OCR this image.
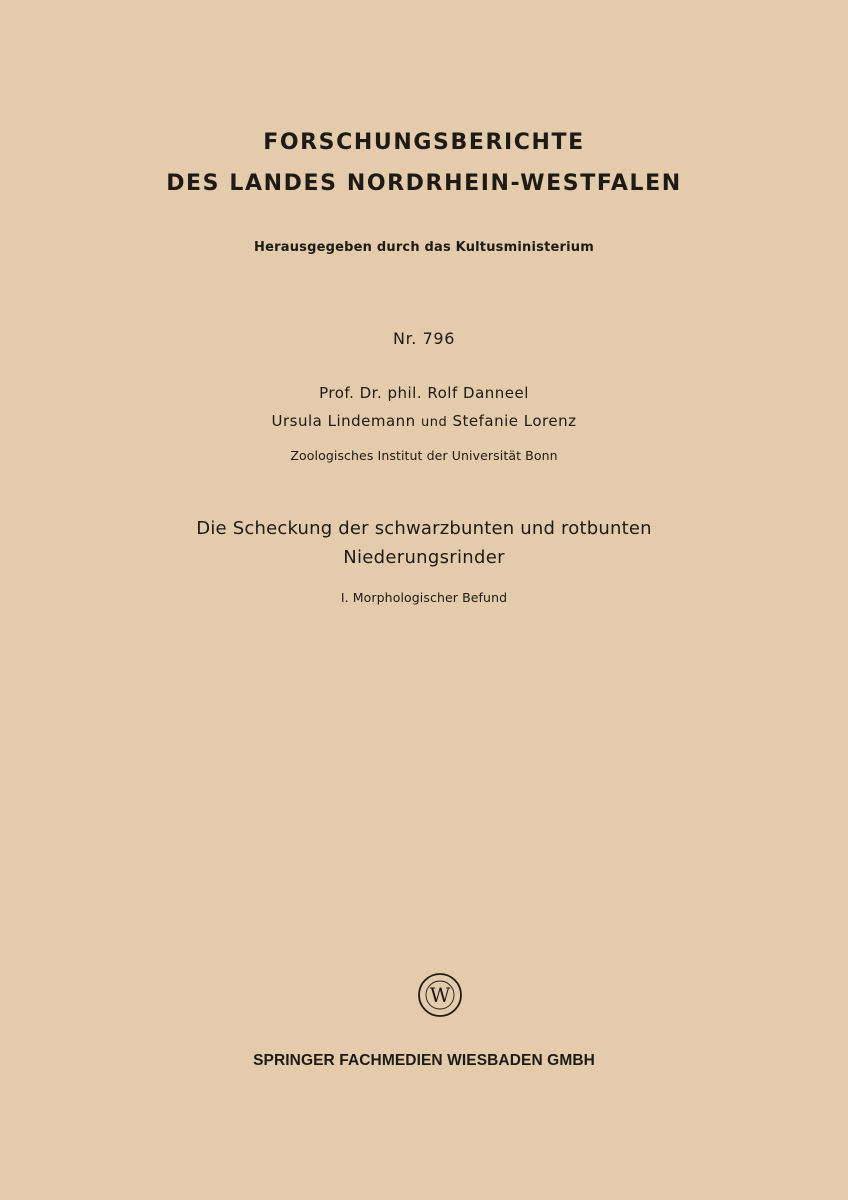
FORSCHUNGSBERICHTE
DES LANDES NORDRHEIN-WESTFALEN
Herausgegeben durch das Kultusministerium
Nr. 796
Prof. Dr. phil. Rolf Danneel
Ursula Lindemann und Stefanie Lorenz
Zoologisches Institut der Universität Bonn
Die Scheckung der schwarzbunten und rotbunten
Niederungsrinder
I. Morphologischer Befund
W
SPRINGER FACHMEDIEN WIESBADEN GMBH
